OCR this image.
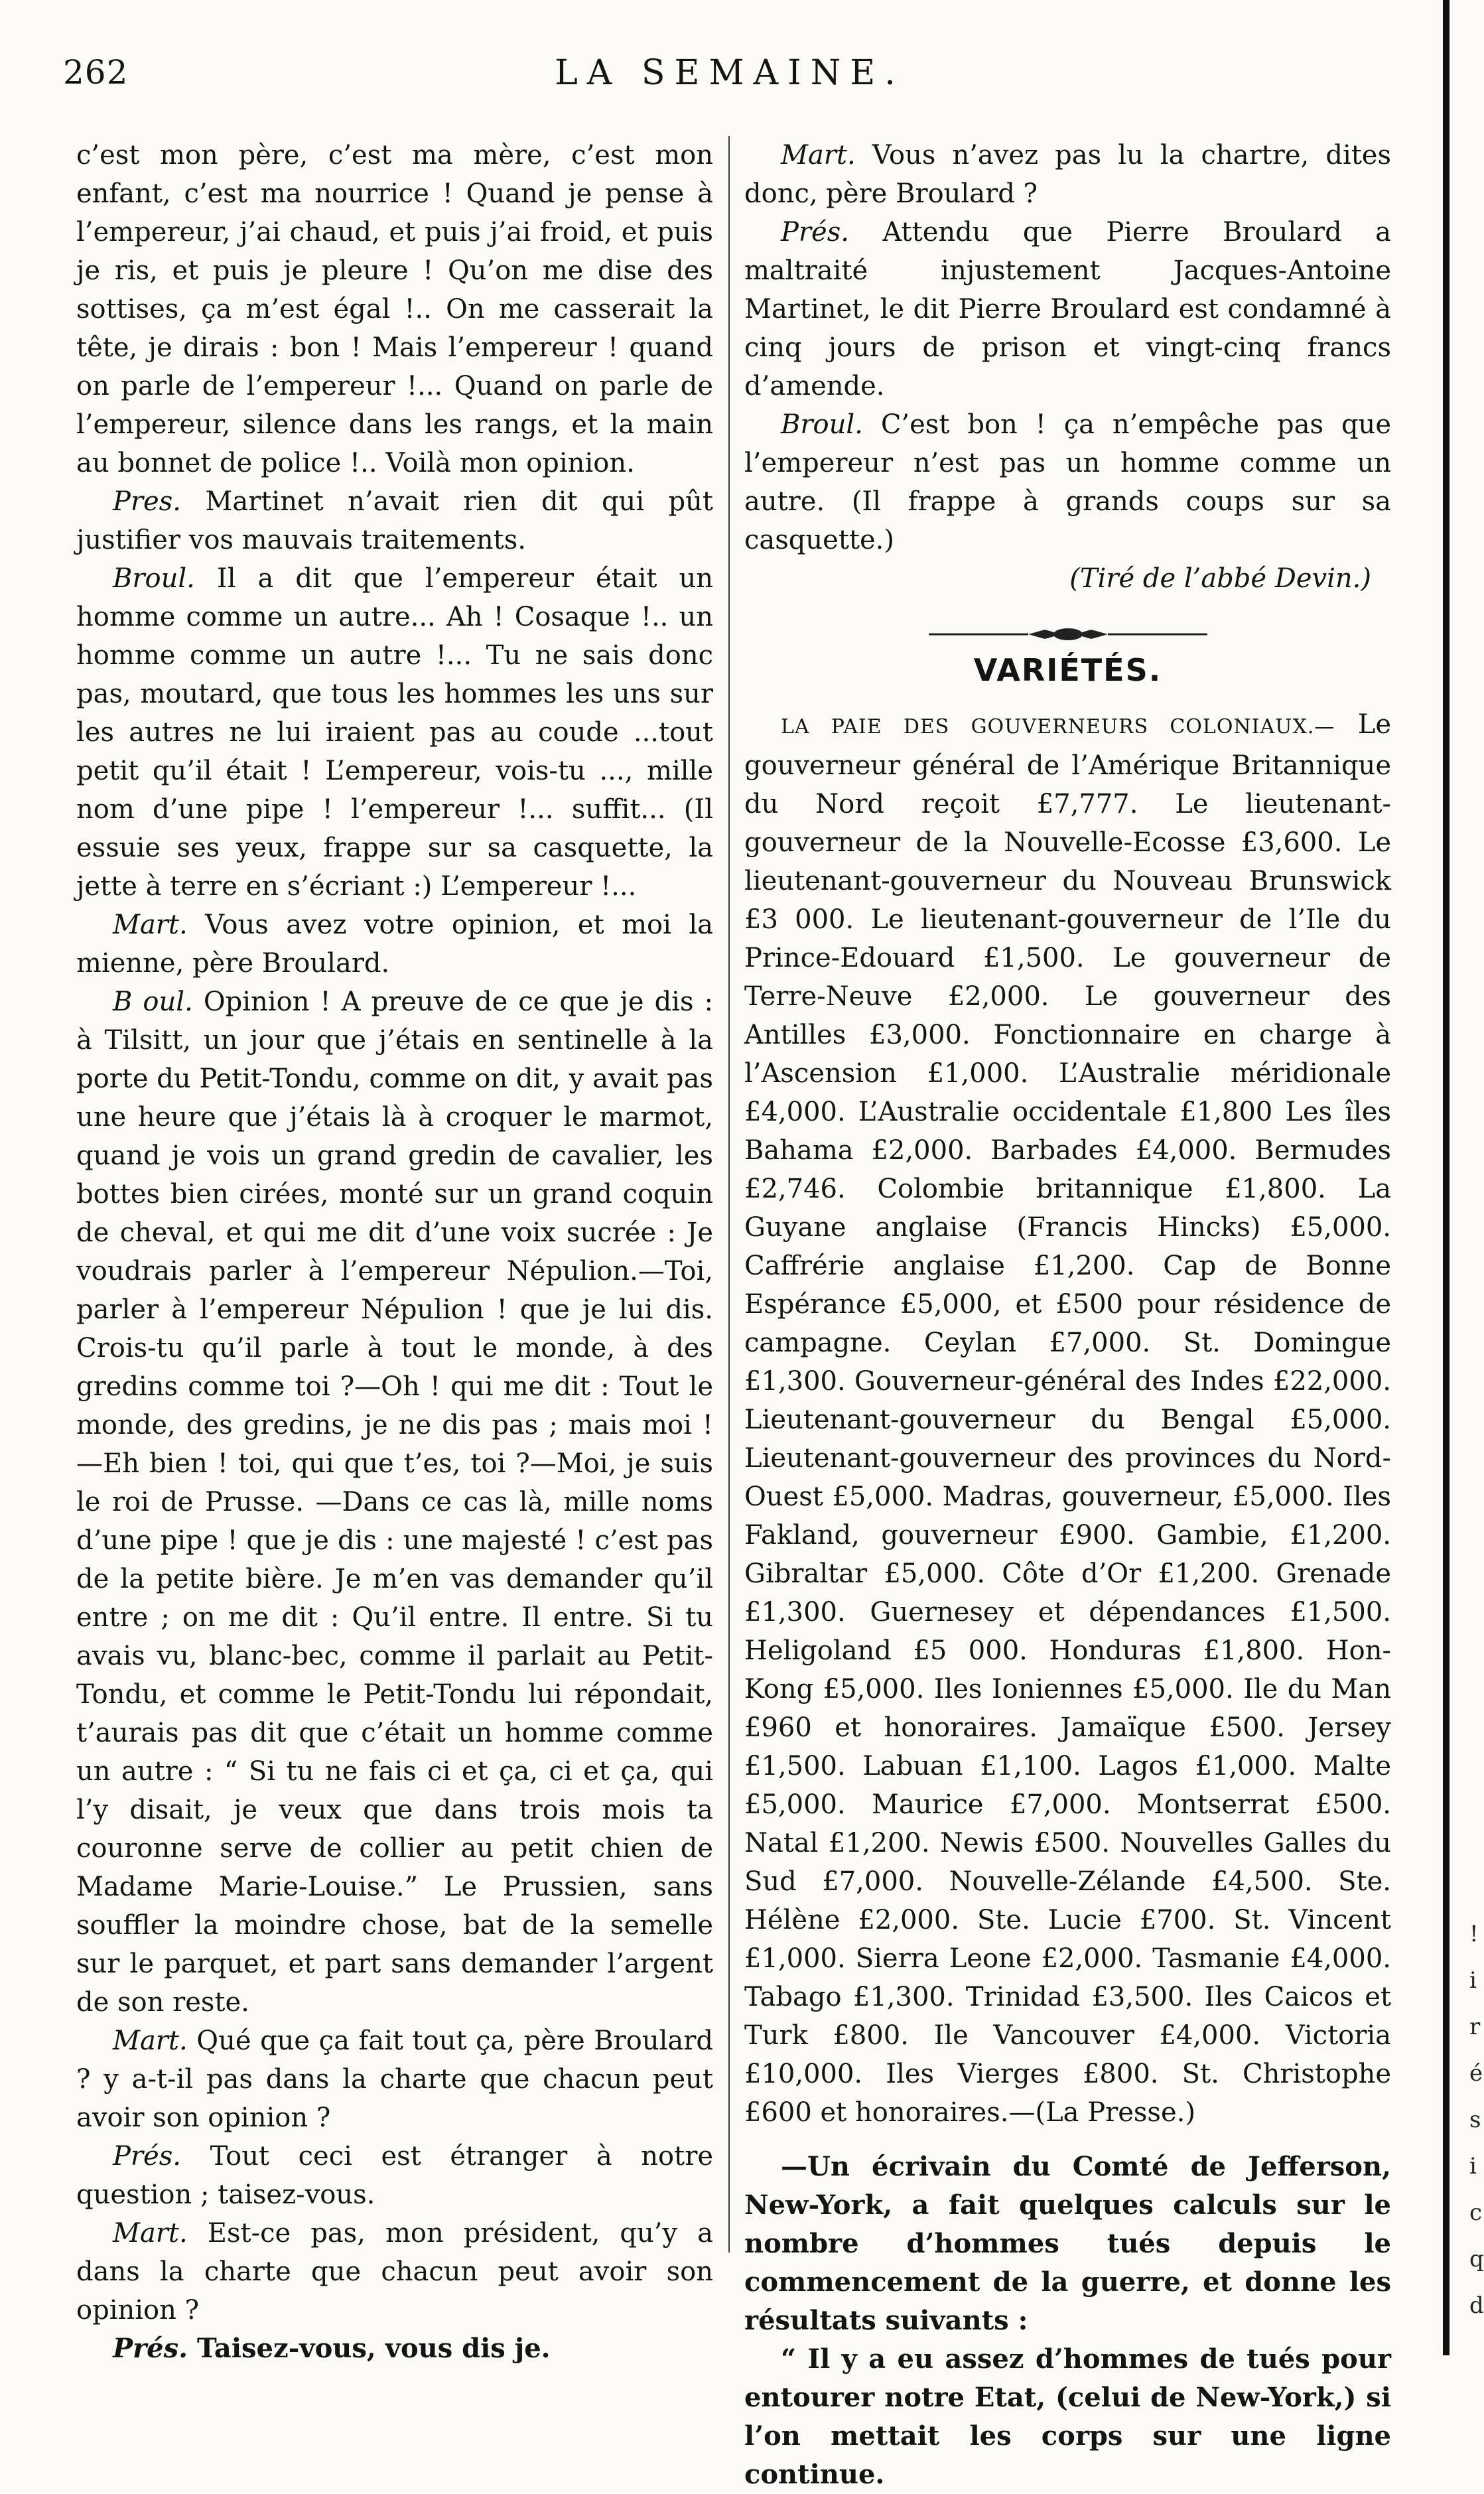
262	LA SEMAINE.

c’est mon père, c’est ma mère, c’est mon enfant, c’est ma nourrice ! Quand je pense à l’empereur, j’ai chaud, et puis j’ai froid, et puis je ris, et puis je pleure ! Qu’on me dise des sottises, ça m’est égal !.. On me casserait la tête, je dirais : bon ! Mais l’empereur ! quand on parle de l’empereur !... Quand on parle de l’empereur, silence dans les rangs, et la main au bonnet de police !.. Voilà mon opinion.

Pres. Martinet n’avait rien dit qui pût justifier vos mauvais traitements.

Broul. Il a dit que l’empereur était un homme comme un autre... Ah ! Cosaque !.. un homme comme un autre !... Tu ne sais donc pas, moutard, que tous les hommes les uns sur les autres ne lui iraient pas au coude ...tout petit qu’il était ! L’empereur, vois-tu ..., mille nom d’une pipe ! l’empereur !... suffit... (Il essuie ses yeux, frappe sur sa casquette, la jette à terre en s’écriant :) L’empereur !...

Mart. Vous avez votre opinion, et moi la mienne, père Broulard.

B oul. Opinion ! A preuve de ce que je dis : à Tilsitt, un jour que j’étais en sentinelle à la porte du Petit-Tondu, comme on dit, y avait pas une heure que j’étais là à croquer le marmot, quand je vois un grand gredin de cavalier, les bottes bien cirées, monté sur un grand coquin de cheval, et qui me dit d’une voix sucrée : Je voudrais parler à l’empereur Népulion.—Toi, parler à l’empereur Népulion ! que je lui dis. Crois-tu qu’il parle à tout le monde, à des gredins comme toi ?—Oh ! qui me dit : Tout le monde, des gredins, je ne dis pas ; mais moi !—Eh bien ! toi, qui que t’es, toi ?—Moi, je suis le roi de Prusse. —Dans ce cas là, mille noms d’une pipe ! que je dis : une majesté ! c’est pas de la petite bière. Je m’en vas demander qu’il entre ; on me dit : Qu’il entre. Il entre. Si tu avais vu, blanc-bec, comme il parlait au Petit-Tondu, et comme le Petit-Tondu lui répondait, t’aurais pas dit que c’était un homme comme un autre : “ Si tu ne fais ci et ça, ci et ça, qui l’y disait, je veux que dans trois mois ta couronne serve de collier au petit chien de Madame Marie-Louise.” Le Prussien, sans souffler la moindre chose, bat de la semelle sur le parquet, et part sans demander l’argent de son reste.

Mart. Qué que ça fait tout ça, père Broulard ? y a-t-il pas dans la charte que chacun peut avoir son opinion ?

Prés. Tout ceci est étranger à notre question ; taisez-vous.

Mart. Est-ce pas, mon président, qu’y a dans la charte que chacun peut avoir son opinion ?

Prés. Taisez-vous, vous dis je.

Mart. Vous n’avez pas lu la chartre, dites donc, père Broulard ?

Prés. Attendu que Pierre Broulard a maltraité injustement Jacques-Antoine Martinet, le dit Pierre Broulard est condamné à cinq jours de prison et vingt-cinq francs d’amende.

Broul. C’est bon ! ça n’empêche pas que l’empereur n’est pas un homme comme un autre. (Il frappe à grands coups sur sa casquette.)

(Tiré de l’abbé Devin.)

VARIÉTÉS.

LA PAIE DES GOUVERNEURS COLONIAUX.— Le gouverneur général de l’Amérique Britannique du Nord reçoit £7,777. Le lieutenant-gouverneur de la Nouvelle-Ecosse £3,600. Le lieutenant-gouverneur du Nouveau Brunswick £3 000. Le lieutenant-gouverneur de l’Ile du Prince-Edouard £1,500. Le gouverneur de Terre-Neuve £2,000. Le gouverneur des Antilles £3,000. Fonctionnaire en charge à l’Ascension £1,000. L’Australie méridionale £4,000. L’Australie occidentale £1,800 Les îles Bahama £2,000. Barbades £4,000. Bermudes £2,746. Colombie britannique £1,800. La Guyane anglaise (Francis Hincks) £5,000. Caffrérie anglaise £1,200. Cap de Bonne Espérance £5,000, et £500 pour résidence de campagne. Ceylan £7,000. St. Domingue £1,300. Gouverneur-général des Indes £22,000. Lieutenant-gouverneur du Bengal £5,000. Lieutenant-gouverneur des provinces du Nord-Ouest £5,000. Madras, gouverneur, £5,000. Iles Fakland, gouverneur £900. Gambie, £1,200. Gibraltar £5,000. Côte d’Or £1,200. Grenade £1,300. Guernesey et dépendances £1,500. Heligoland £5 000. Honduras £1,800. Hon-Kong £5,000. Iles Ioniennes £5,000. Ile du Man £960 et honoraires. Jamaïque £500. Jersey £1,500. Labuan £1,100. Lagos £1,000. Malte £5,000. Maurice £7,000. Montserrat £500. Natal £1,200. Newis £500. Nouvelles Galles du Sud £7,000. Nouvelle-Zélande £4,500. Ste. Hélène £2,000. Ste. Lucie £700. St. Vincent £1,000. Sierra Leone £2,000. Tasmanie £4,000. Tabago £1,300. Trinidad £3,500. Iles Caicos et Turk £800. Ile Vancouver £4,000. Victoria £10,000. Iles Vierges £800. St. Christophe £600 et honoraires.—(La Presse.)

—Un écrivain du Comté de Jefferson, New-York, a fait quelques calculs sur le nombre d’hommes tués depuis le commencement de la guerre, et donne les résultats suivants :

“ Il y a eu assez d’hommes de tués pour entourer notre Etat, (celui de New-York,) si l’on mettait les corps sur une ligne continue.

!
i
r
é
s
i
c
q
d
